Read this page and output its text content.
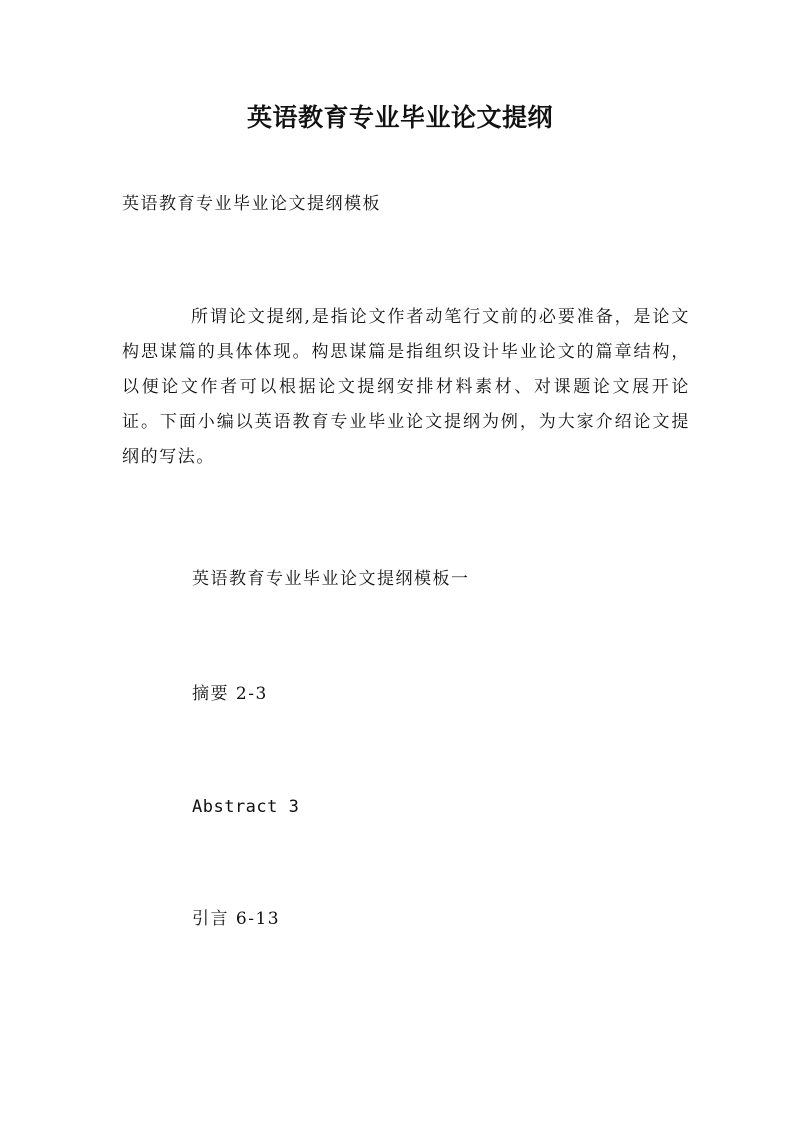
英语教育专业毕业论文提纲
英语教育专业毕业论文提纲模板
所谓论文提纲,是指论文作者动笔行文前的必要准备，是论文构思谋篇的具体体现。构思谋篇是指组织设计毕业论文的篇章结构，以便论文作者可以根据论文提纲安排材料素材、对课题论文展开论证。下面小编以英语教育专业毕业论文提纲为例，为大家介绍论文提纲的写法。
英语教育专业毕业论文提纲模板一
摘要 2-3
Abstract 3
引言 6-13
